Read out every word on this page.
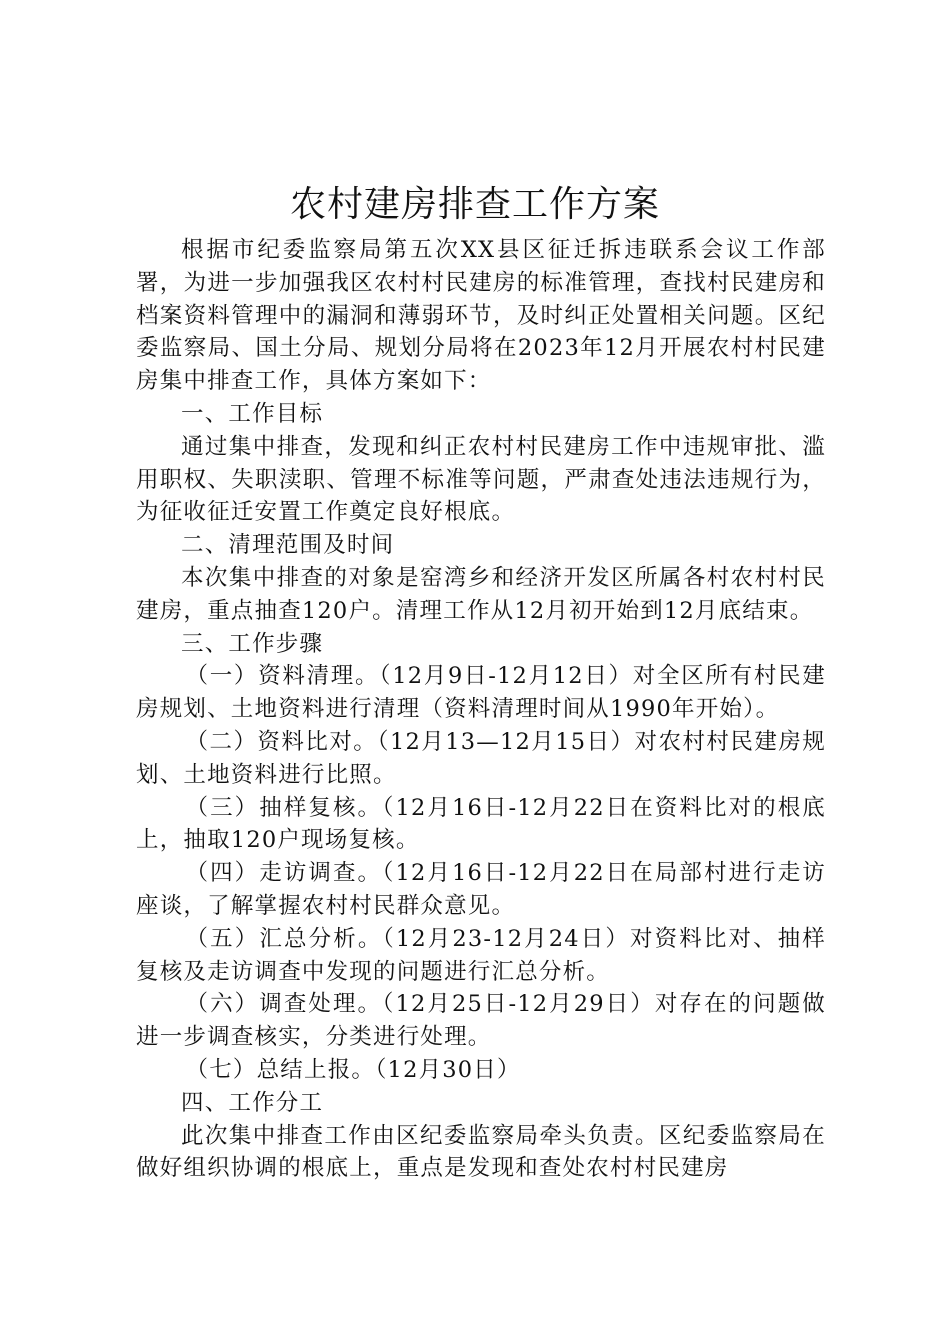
农村建房排查工作方案

根据市纪委监察局第五次XX县区征迁拆违联系会议工作部署，为进一步加强我区农村村民建房的标准管理，查找村民建房和档案资料管理中的漏洞和薄弱环节，及时纠正处置相关问题。区纪委监察局、国土分局、规划分局将在2023年12月开展农村村民建房集中排查工作，具体方案如下：

一、工作目标

通过集中排查，发现和纠正农村村民建房工作中违规审批、滥用职权、失职渎职、管理不标准等问题，严肃查处违法违规行为，为征收征迁安置工作奠定良好根底。

二、清理范围及时间

本次集中排查的对象是窑湾乡和经济开发区所属各村农村村民建房，重点抽查120户。清理工作从12月初开始到12月底结束。

三、工作步骤

（一）资料清理。（12月9日-12月12日）对全区所有村民建房规划、土地资料进行清理（资料清理时间从1990年开始）。

（二）资料比对。（12月13—12月15日）对农村村民建房规划、土地资料进行比照。

（三）抽样复核。（12月16日-12月22日在资料比对的根底上，抽取120户现场复核。

（四）走访调查。（12月16日-12月22日在局部村进行走访座谈，了解掌握农村村民群众意见。

（五）汇总分析。（12月23-12月24日）对资料比对、抽样复核及走访调查中发现的问题进行汇总分析。

（六）调查处理。（12月25日-12月29日）对存在的问题做进一步调查核实，分类进行处理。

（七）总结上报。（12月30日）

四、工作分工

此次集中排查工作由区纪委监察局牵头负责。区纪委监察局在做好组织协调的根底上，重点是发现和查处农村村民建房
